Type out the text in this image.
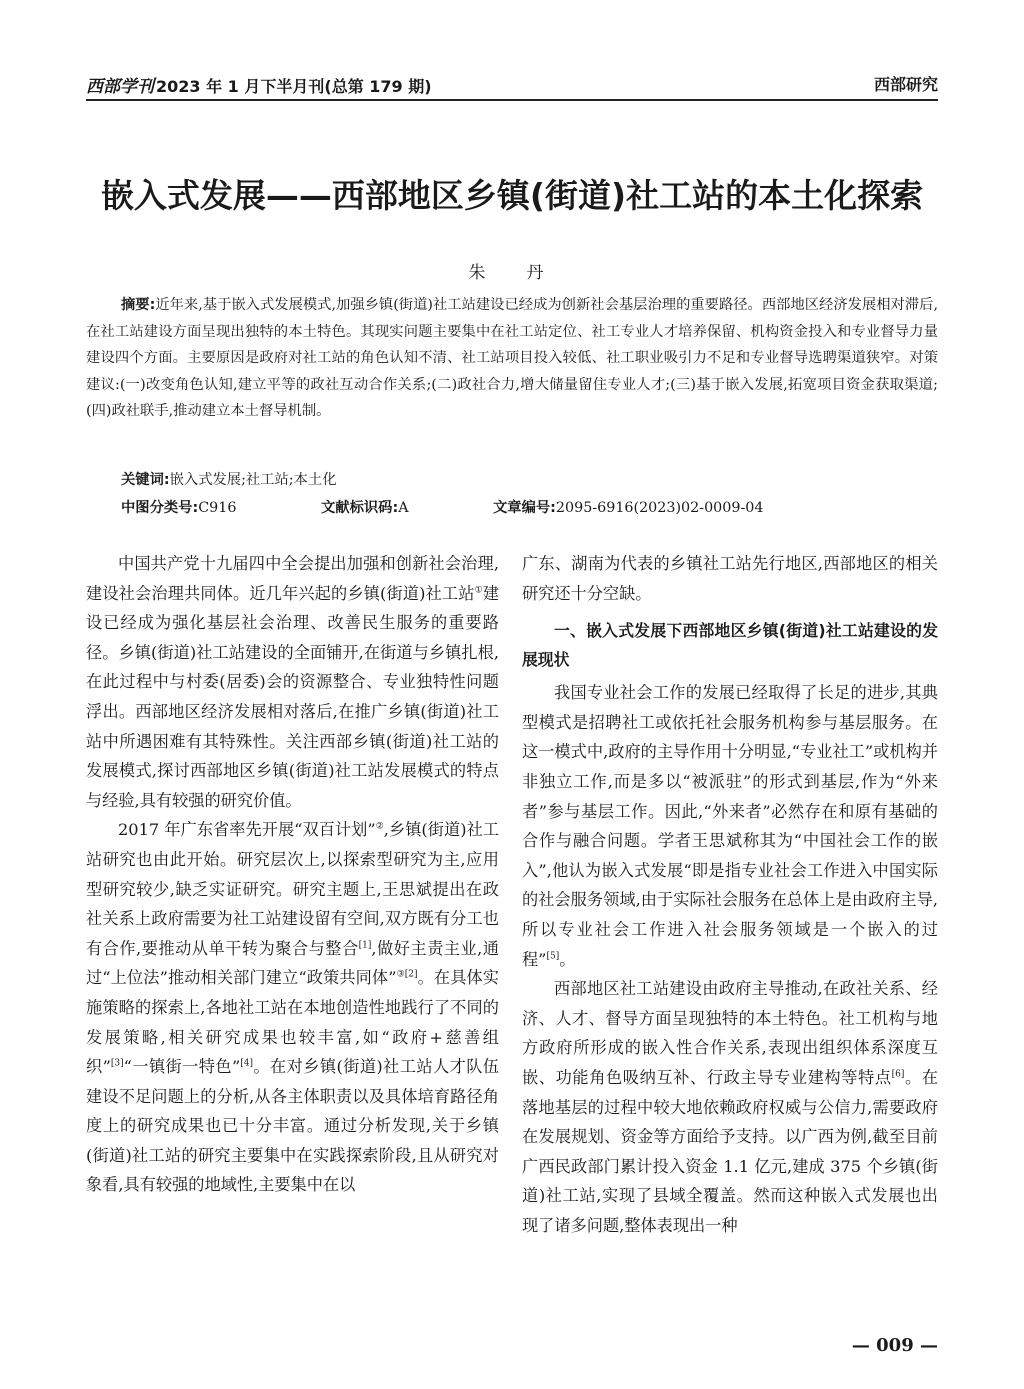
西部学刊 2023 年 1 月下半月刊(总第 179 期)	西部研究
嵌入式发展——西部地区乡镇(街道)社工站的本土化探索
朱　丹
摘要:近年来,基于嵌入式发展模式,加强乡镇(街道)社工站建设已经成为创新社会基层治理的重要路径。西部地区经济发展相对滞后,在社工站建设方面呈现出独特的本土特色。其现实问题主要集中在社工站定位、社工专业人才培养保留、机构资金投入和专业督导力量建设四个方面。主要原因是政府对社工站的角色认知不清、社工站项目投入较低、社工职业吸引力不足和专业督导选聘渠道狭窄。对策建议:(一)改变角色认知,建立平等的政社互动合作关系;(二)政社合力,增大储量留住专业人才;(三)基于嵌入发展,拓宽项目资金获取渠道;(四)政社联手,推动建立本土督导机制。
关键词:嵌入式发展;社工站;本土化
中图分类号:C916	文献标识码:A	文章编号:2095-6916(2023)02-0009-04

中国共产党十九届四中全会提出加强和创新社会治理,建设社会治理共同体。近几年兴起的乡镇(街道)社工站①建设已经成为强化基层社会治理、改善民生服务的重要路径。乡镇(街道)社工站建设的全面铺开,在街道与乡镇扎根,在此过程中与村委(居委)会的资源整合、专业独特性问题浮出。西部地区经济发展相对落后,在推广乡镇(街道)社工站中所遇困难有其特殊性。关注西部乡镇(街道)社工站的发展模式,探讨西部地区乡镇(街道)社工站发展模式的特点与经验,具有较强的研究价值。

2017 年广东省率先开展“双百计划”②,乡镇(街道)社工站研究也由此开始。研究层次上,以探索型研究为主,应用型研究较少,缺乏实证研究。研究主题上,王思斌提出在政社关系上政府需要为社工站建设留有空间,双方既有分工也有合作,要推动从单干转为聚合与整合[1],做好主责主业,通过“上位法”推动相关部门建立“政策共同体”$^{③[2]}$。在具体实施策略的探索上,各地社工站在本地创造性地践行了不同的发展策略,相关研究成果也较丰富,如“政府+慈善组织”[3]“一镇街一特色”[4]。在对乡镇(街道)社工站人才队伍建设不足问题上的分析,从各主体职责以及具体培育路径角度上的研究成果也已十分丰富。通过分析发现,关于乡镇(街道)社工站的研究主要集中在实践探索阶段,且从研究对象看,具有较强的地域性,主要集中在以

广东、湖南为代表的乡镇社工站先行地区,西部地区的相关研究还十分空缺。

一、嵌入式发展下西部地区乡镇(街道)社工站建设的发展现状

我国专业社会工作的发展已经取得了长足的进步,其典型模式是招聘社工或依托社会服务机构参与基层服务。在这一模式中,政府的主导作用十分明显,“专业社工”或机构并非独立工作,而是多以“被派驻”的形式到基层,作为“外来者”参与基层工作。因此,“外来者”必然存在和原有基础的合作与融合问题。学者王思斌称其为“中国社会工作的嵌入”,他认为嵌入式发展“即是指专业社会工作进入中国实际的社会服务领域,由于实际社会服务在总体上是由政府主导,所以专业社会工作进入社会服务领域是一个嵌入的过程”[5]。

西部地区社工站建设由政府主导推动,在政社关系、经济、人才、督导方面呈现独特的本土特色。社工机构与地方政府所形成的嵌入性合作关系,表现出组织体系深度互嵌、功能角色吸纳互补、行政主导专业建构等特点[6]。在落地基层的过程中较大地依赖政府权威与公信力,需要政府在发展规划、资金等方面给予支持。以广西为例,截至目前广西民政部门累计投入资金 1.1 亿元,建成 375 个乡镇(街道)社工站,实现了县域全覆盖。然而这种嵌入式发展也出现了诸多问题,整体表现出一种

— 009 —
